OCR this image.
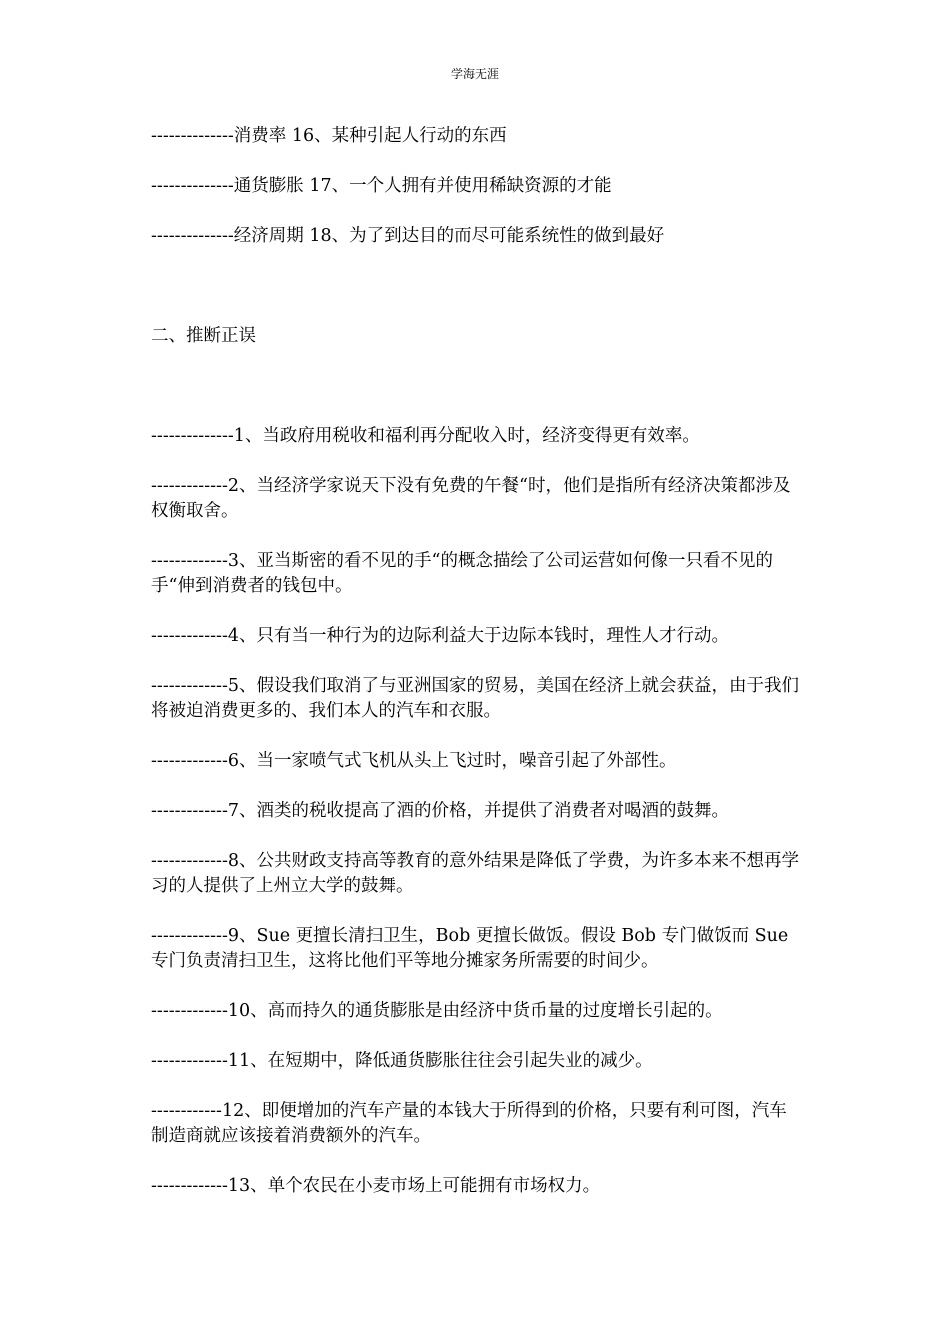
学海无涯

--------------消费率 16、某种引起人行动的东西

--------------通货膨胀 17、一个人拥有并使用稀缺资源的才能

--------------经济周期 18、为了到达目的而尽可能系统性的做到最好

二、推断正误

--------------1、当政府用税收和福利再分配收入时，经济变得更有效率。

-------------2、当经济学家说天下没有免费的午餐“时，他们是指所有经济决策都涉及权衡取舍。

-------------3、亚当斯密的看不见的手“的概念描绘了公司运营如何像一只看不见的手“伸到消费者的钱包中。

-------------4、只有当一种行为的边际利益大于边际本钱时，理性人才行动。

-------------5、假设我们取消了与亚洲国家的贸易，美国在经济上就会获益，由于我们将被迫消费更多的、我们本人的汽车和衣服。

-------------6、当一家喷气式飞机从头上飞过时，噪音引起了外部性。

-------------7、酒类的税收提高了酒的价格，并提供了消费者对喝酒的鼓舞。

-------------8、公共财政支持高等教育的意外结果是降低了学费，为许多本来不想再学习的人提供了上州立大学的鼓舞。

-------------9、Sue 更擅长清扫卫生，Bob 更擅长做饭。假设 Bob 专门做饭而 Sue 专门负责清扫卫生，这将比他们平等地分摊家务所需要的时间少。

-------------10、高而持久的通货膨胀是由经济中货币量的过度增长引起的。

-------------11、在短期中，降低通货膨胀往往会引起失业的减少。

------------12、即便增加的汽车产量的本钱大于所得到的价格，只要有利可图，汽车制造商就应该接着消费额外的汽车。

-------------13、单个农民在小麦市场上可能拥有市场权力。
